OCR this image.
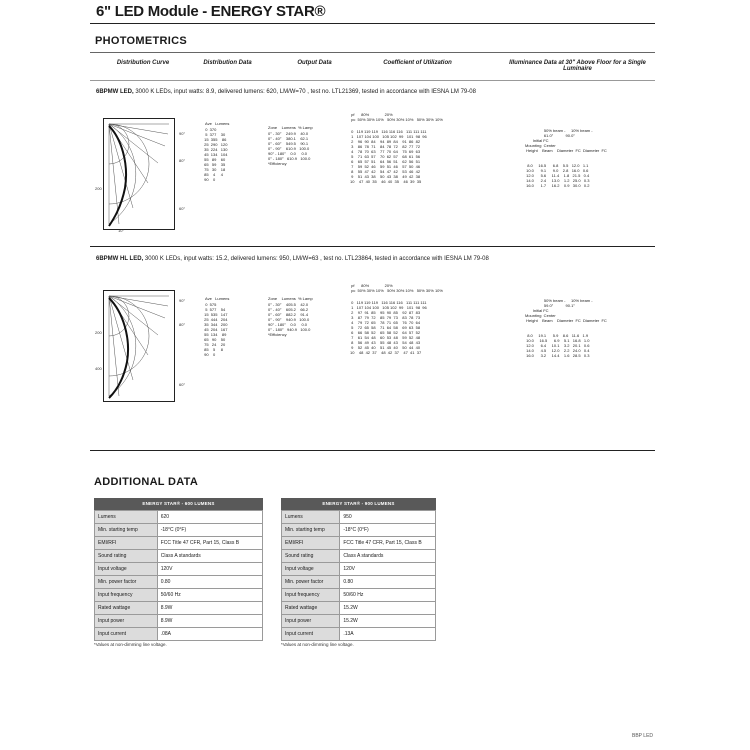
6" LED Module - ENERGY STAR®
PHOTOMETRICS
Distribution Curve	Distribution Data	Output Data	Coefficient of Utilization	Illuminance Data at 30" Above Floor for a Single Luminaire
6BPMW LED, 3000 K LEDs, input watts: 8.9, delivered lumens: 620, LM/W=70 , test no. LTL21369, tested in accordance with IESNA LM 79-08
90°
80°
60°
10°
200
Ave   Lumens
0  370
5  377    30
15  355    86
25  290   120
35  224   130
45  134   104
55   89    60
65   59    35
75   30    18
85    4     4
90    0
Zone    Lumens  % Lamp
0° - 30°    249.9    40.0
0° - 40°    380.1    62.1
0° - 60°    549.5    90.1
0° - 90°    610.9   100.0
90° - 180°    0.0     0.0
0° - 180°   610.9   100.0
*Efficiency
pf      80%              20%
pc  50% 30% 10%   50% 30% 10%   50% 30% 10%
0   119 119 119   116 116 116   111 111 111
1   107 104 100   105 102  99   101  98  96
2    96  90  84    94  89  84    91  86  82
3    86  78  71    84  78  72    82  77  72
4    78  70  63    77  70  64    75  69  63
5    71  63  57    70  62  57    68  61  56
6    65  57  51    64  56  51    62  56  51
7    59  52  46    59  51  46    57  50  46
8    55  47  42    54  47  42    53  46  42
9    51  43  38    50  43  38    49  42  38
10    47  40  35    46  40  35    46  39  35
50% beam -     10% beam -
61.0°           90.0°
Initial FC
Mounting  Center
Height    Beam    Diameter  FC  Diameter  FC
8.0     16.5      6.8    5.5   12.0   1.1
10.0      9.1      9.0    2.8   16.0   0.6
12.0      5.6     11.4    1.8   21.5   0.4
14.0      2.4     13.0    1.2   25.0   0.3
16.0      1.7     16.2    0.9   30.0   0.2
6BPMW HL LED, 3000 K LEDs, input watts: 15.2, delivered lumens: 950, LM/W=63 , test no. LTL23864, tested in accordance with IESNA LM 79-08
90°
80°
60°
200
400
Ave   Lumens
0  575
5  577    54
15  535   147
25  444   204
35  344   200
45  204   167
55  134    89
65   90    50
75   24    20
85    5     8
90    0
Zone    Lumens  % Lamp
0° - 30°    405.5    42.0
0° - 40°    605.2    66.2
0° - 60°    882.2    91.4
0° - 90°    940.9   100.0
90° - 180°    0.0     0.0
0° - 180°   940.9   100.0
*Efficiency
pf      80%              20%
pc  50% 30% 10%   50% 30% 10%   50% 30% 10%
0   119 119 119   116 116 116   111 111 111
1   107 104 100   105 102  99   101  98  96
2    97  91  85    95  90  85    92  87  83
3    87  79  72    85  79  73    83  78  73
4    79  72  65    78  71  65    76  70  64
5    72  65  58    71  64  58    69  63  58
6    66  58  52    65  58  52    64  57  52
7    61  54  48    60  53  48    59  52  48
8    56  49  43    55  48  43    54  48  43
9    52  45  40    51  45  40    50  44  40
10    48  42  37    48  42  37    47  41  37
50% beam -     10% beam -
59.0°           90.1°
Initial FC
Mounting  Center
Height    Beam    Diameter  FC  Diameter  FC
8.0     19.1      5.9    8.6   11.6   1.9
10.0     16.5      6.9    5.1   16.8   1.0
12.0      6.4     10.1    3.2   20.1   0.6
14.0      4.5     12.0    2.2   24.0   0.4
16.0      3.2     14.4    1.6   28.5   0.3
ADDITIONAL DATA
ENERGY STAR® - 600 LUMENS
Lumens	620
Min. starting temp	-18°C (0°F)
EMI/RFI	FCC Title 47 CFR, Part 15, Class B
Sound rating	Class A standards
Input voltage	120V
Min. power factor	0.80
Input frequency	50/60 Hz
Rated wattage	8.9W
Input power	8.9W
Input current	.08A
*Values at non-dimming line voltage.
ENERGY STAR® - 900 LUMENS
Lumens	950
Min. starting temp	-18°C (0°F)
EMI/RFI	FCC Title 47 CFR, Part 15, Class B
Sound rating	Class A standards
Input voltage	120V
Min. power factor	0.80
Input frequency	50/60 Hz
Rated wattage	15.2W
Input power	15.2W
Input current	.13A
*Values at non-dimming line voltage.
BBP LED
